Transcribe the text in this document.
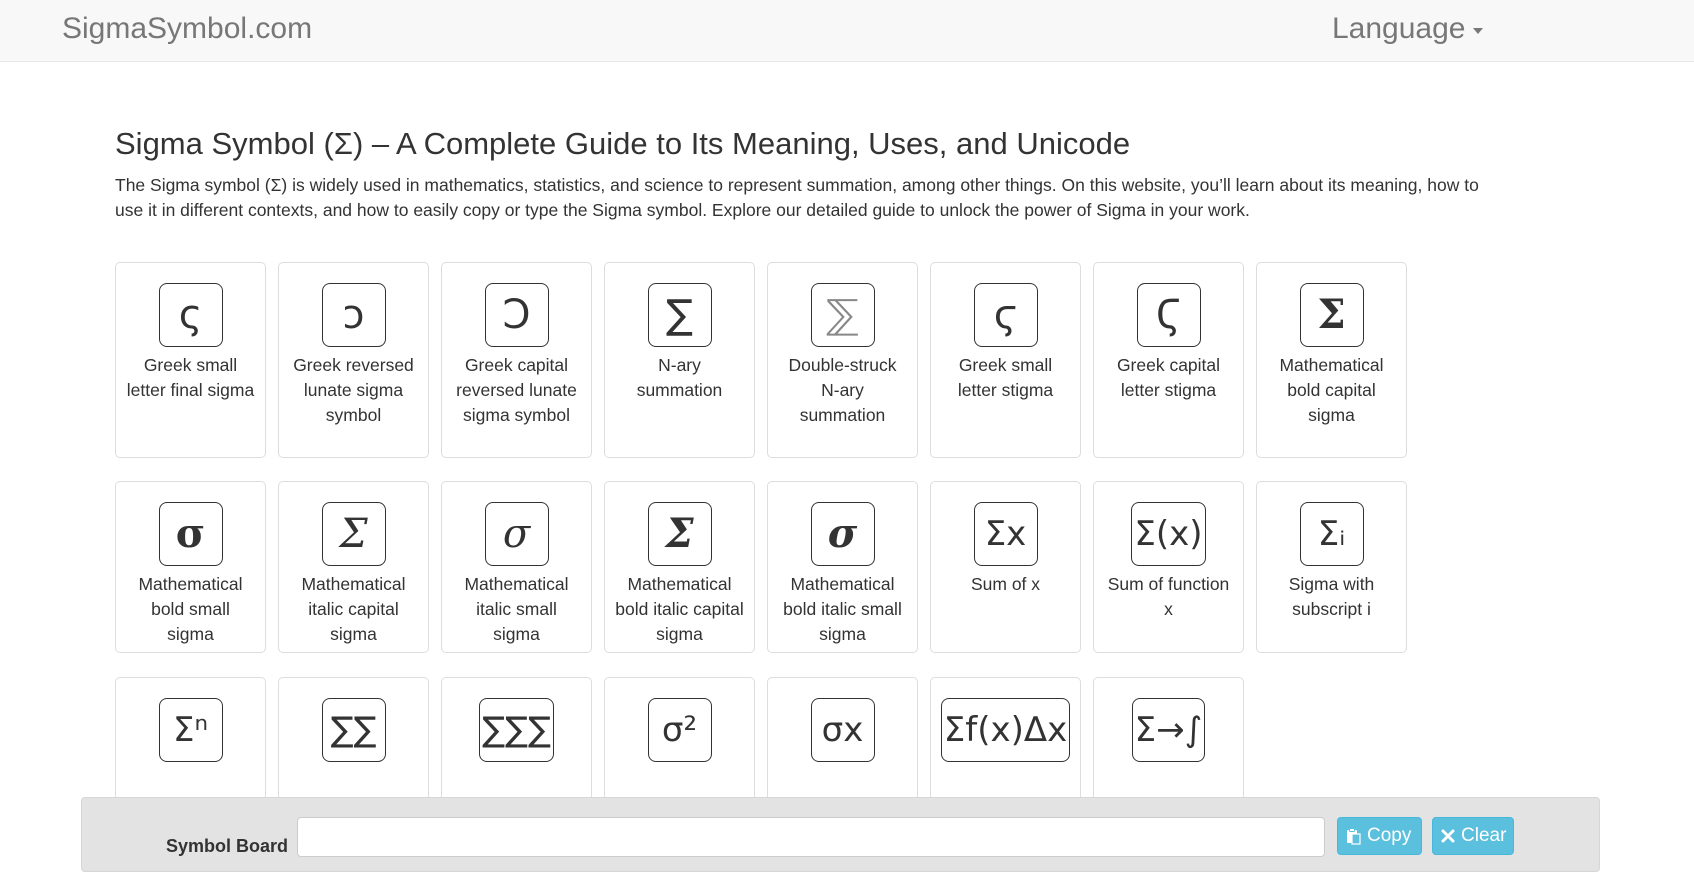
SigmaSymbol.com	Language
Sigma Symbol (Σ) – A Complete Guide to Its Meaning, Uses, and Unicode

The Sigma symbol (Σ) is widely used in mathematics, statistics, and science to represent summation, among other things. On this website, you’ll learn about its meaning, how to use it in different contexts, and how to easily copy or type the Sigma symbol. Explore our detailed guide to unlock the power of Sigma in your work.

ς
Greek small letter final sigma
ͻ
Greek reversed lunate sigma symbol
Ͻ
Greek capital reversed lunate sigma symbol
∑
N-ary summation
⅀
Double-struck N-ary summation
ϛ
Greek small letter stigma
Ϛ
Greek capital letter stigma
𝚺
Mathematical bold capital sigma
𝛔
Mathematical bold small sigma
𝛴
Mathematical italic capital sigma
𝜎
Mathematical italic small sigma
𝜮
Mathematical bold italic capital sigma
𝝈
Mathematical bold italic small sigma
Σx
Sum of x
Σ(x)
Sum of function x
Σᵢ
Sigma with subscript i
Σⁿ	∑∑	∑∑∑	σ²	σx	Σf(x)Δx	Σ→∫
Symbol Board	Copy	Clear
